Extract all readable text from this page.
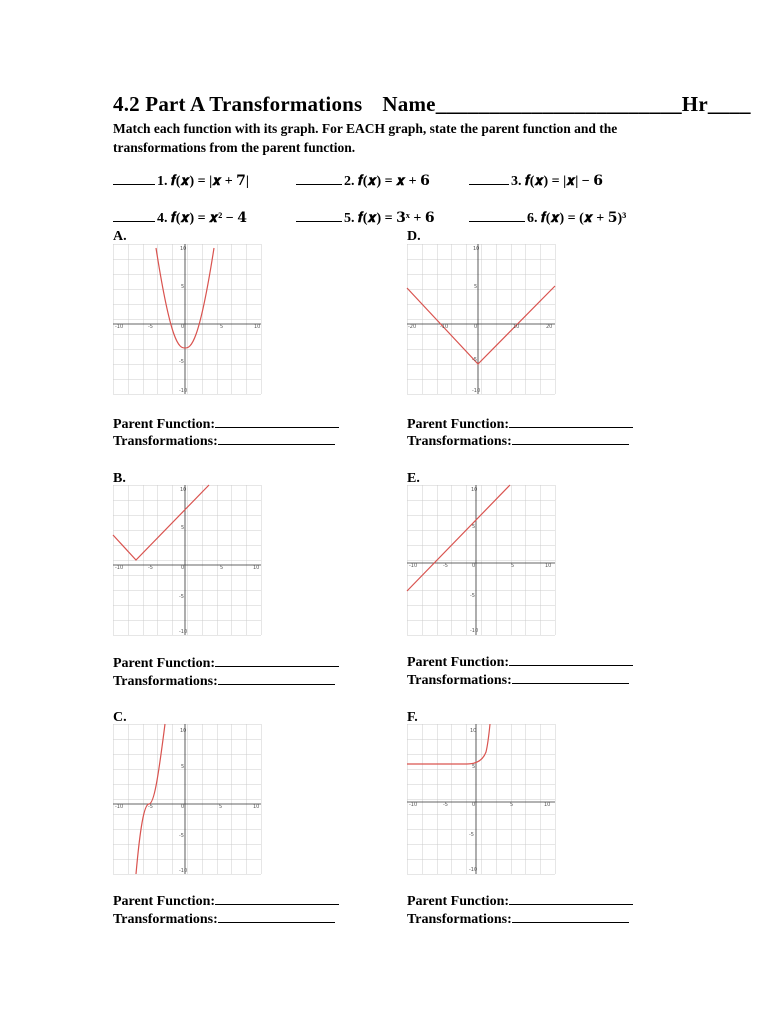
4.2 Part A Transformations Name_______________________Hr____
Match each function with its graph. For EACH graph, state the parent function and the transformations from the parent function.
1. 𝒇(𝒙) = |𝒙 + 𝟕|	2. 𝒇(𝒙) = 𝒙 + 𝟔	3. 𝒇(𝒙) = |𝒙| − 𝟔
4. 𝒇(𝒙) = 𝒙² − 𝟒	5. 𝒇(𝒙) = 𝟑ˣ + 𝟔	6. 𝒇(𝒙) = (𝒙 + 𝟓)³
A.	D.
B.	E.
C.	F.
-10	-5	0	5	10
10
5
-5
-10
-20	-10	0	10	20
10
5
-5
-10
Parent Function:
Transformations:
Parent Function:
Transformations:
-10	-5	0	5	10
10
5
-5
-10
-10	-5	0	5	10
10
5
-5
-10
Parent Function:
Transformations:
Parent Function:
Transformations:
-10	-5	0	5	10
10
5
-5
-10
-10	-5	0	5	10
10
5
-5
-10
Parent Function:
Transformations:
Parent Function:
Transformations:
